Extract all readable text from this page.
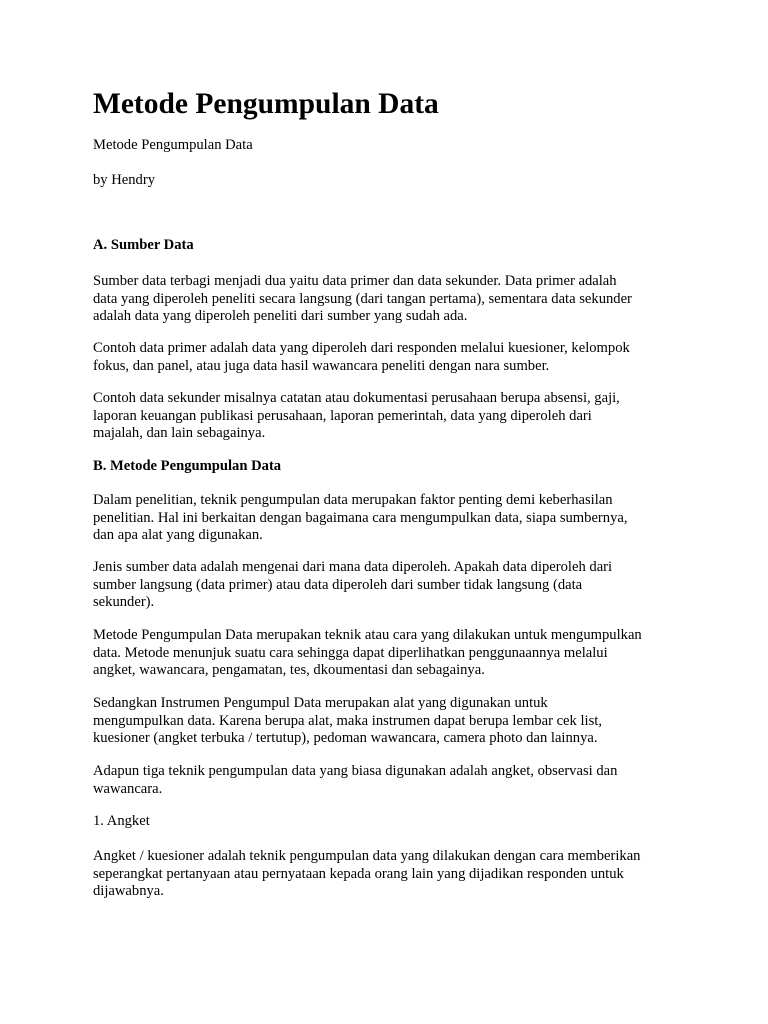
Metode Pengumpulan Data

Metode Pengumpulan Data

by Hendry

A. Sumber Data

Sumber data terbagi menjadi dua yaitu data primer dan data sekunder. Data primer adalah
data yang diperoleh peneliti secara langsung (dari tangan pertama), sementara data sekunder
adalah data yang diperoleh peneliti dari sumber yang sudah ada.
Contoh data primer adalah data yang diperoleh dari responden melalui kuesioner, kelompok
fokus, dan panel, atau juga data hasil wawancara peneliti dengan nara sumber.
Contoh data sekunder misalnya catatan atau dokumentasi perusahaan berupa absensi, gaji,
laporan keuangan publikasi perusahaan, laporan pemerintah, data yang diperoleh dari
majalah, dan lain sebagainya.

B. Metode Pengumpulan Data

Dalam penelitian, teknik pengumpulan data merupakan faktor penting demi keberhasilan
penelitian. Hal ini berkaitan dengan bagaimana cara mengumpulkan data, siapa sumbernya,
dan apa alat yang digunakan.
Jenis sumber data adalah mengenai dari mana data diperoleh. Apakah data diperoleh dari
sumber langsung (data primer) atau data diperoleh dari sumber tidak langsung (data
sekunder).
Metode Pengumpulan Data merupakan teknik atau cara yang dilakukan untuk mengumpulkan
data. Metode menunjuk suatu cara sehingga dapat diperlihatkan penggunaannya melalui
angket, wawancara, pengamatan, tes, dkoumentasi dan sebagainya.
Sedangkan Instrumen Pengumpul Data merupakan alat yang digunakan untuk
mengumpulkan data. Karena berupa alat, maka instrumen dapat berupa lembar cek list,
kuesioner (angket terbuka / tertutup), pedoman wawancara, camera photo dan lainnya.
Adapun tiga teknik pengumpulan data yang biasa digunakan adalah angket, observasi dan
wawancara.

1. Angket

Angket / kuesioner adalah teknik pengumpulan data yang dilakukan dengan cara memberikan
seperangkat pertanyaan atau pernyataan kepada orang lain yang dijadikan responden untuk
dijawabnya.
